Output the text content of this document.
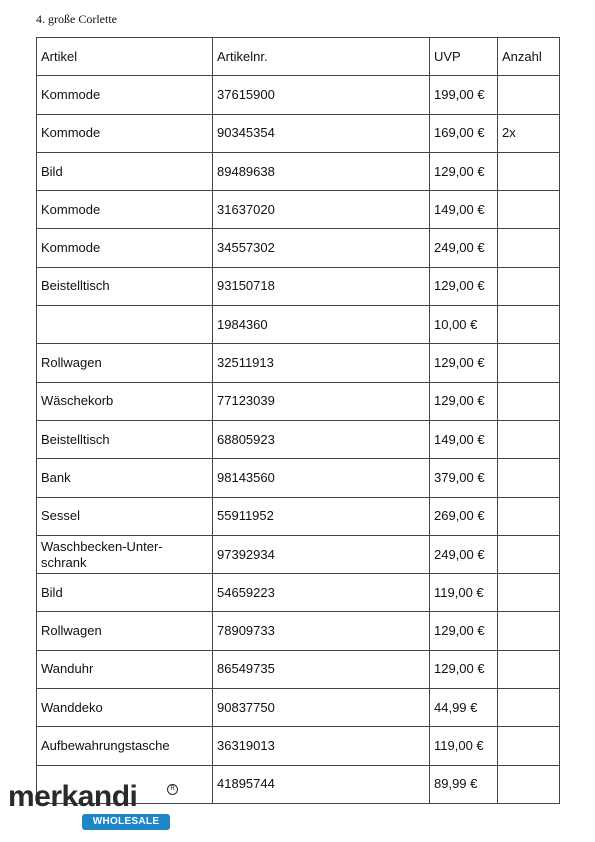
4. große Corlette
Artikel	Artikelnr.	UVP	Anzahl
Kommode	37615900	199,00 €	
Kommode	90345354	169,00 €	2x
Bild	89489638	129,00 €	
Kommode	31637020	149,00 €	
Kommode	34557302	249,00 €	
Beistelltisch	93150718	129,00 €	
	1984360	10,00 €	
Rollwagen	32511913	129,00 €	
Wäschekorb	77123039	129,00 €	
Beistelltisch	68805923	149,00 €	
Bank	98143560	379,00 €	
Sessel	55911952	269,00 €	
Waschbecken-Unter-schrank	97392934	249,00 €	
Bild	54659223	119,00 €	
Rollwagen	78909733	129,00 €	
Wanduhr	86549735	129,00 €	
Wanddeko	90837750	44,99 €	
Aufbewahrungstasche	36319013	119,00 €	
	41895744	89,99 €	
merkandi	R
WHOLESALE
